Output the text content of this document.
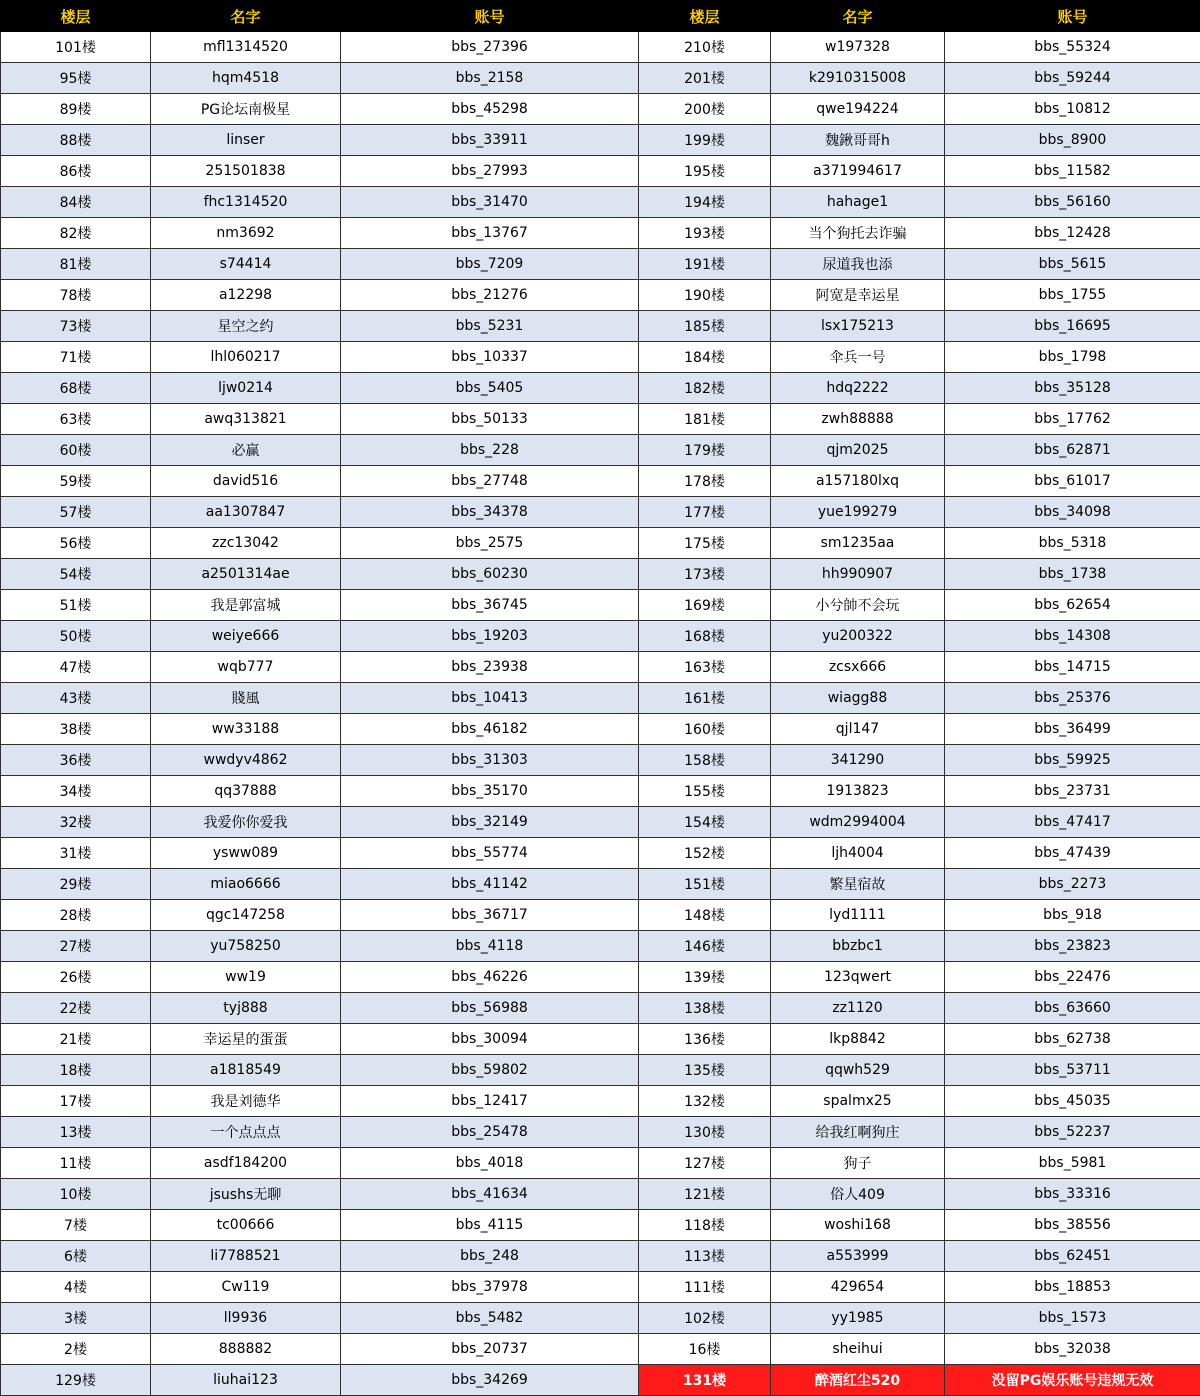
楼层	名字	账号	楼层	名字	账号
101楼	mfl1314520	bbs_27396	210楼	w197328	bbs_55324
95楼	hqm4518	bbs_2158	201楼	k2910315008	bbs_59244
89楼	PG论坛南极星	bbs_45298	200楼	qwe194224	bbs_10812
88楼	linser	bbs_33911	199楼	魏鍬哥哥h	bbs_8900
86楼	251501838	bbs_27993	195楼	a371994617	bbs_11582
84楼	fhc1314520	bbs_31470	194楼	hahage1	bbs_56160
82楼	nm3692	bbs_13767	193楼	当个狗托去诈骗	bbs_12428
81楼	s74414	bbs_7209	191楼	尿道我也添	bbs_5615
78楼	a12298	bbs_21276	190楼	阿宽是幸运星	bbs_1755
73楼	星空之约	bbs_5231	185楼	lsx175213	bbs_16695
71楼	lhl060217	bbs_10337	184楼	伞兵一号	bbs_1798
68楼	ljw0214	bbs_5405	182楼	hdq2222	bbs_35128
63楼	awq313821	bbs_50133	181楼	zwh88888	bbs_17762
60楼	必赢	bbs_228	179楼	qjm2025	bbs_62871
59楼	david516	bbs_27748	178楼	a157180lxq	bbs_61017
57楼	aa1307847	bbs_34378	177楼	yue199279	bbs_34098
56楼	zzc13042	bbs_2575	175楼	sm1235aa	bbs_5318
54楼	a2501314ae	bbs_60230	173楼	hh990907	bbs_1738
51楼	我是郭富城	bbs_36745	169楼	小兮帥不会玩	bbs_62654
50楼	weiye666	bbs_19203	168楼	yu200322	bbs_14308
47楼	wqb777	bbs_23938	163楼	zcsx666	bbs_14715
43楼	賤風	bbs_10413	161楼	wiagg88	bbs_25376
38楼	ww33188	bbs_46182	160楼	qjl147	bbs_36499
36楼	wwdyv4862	bbs_31303	158楼	341290	bbs_59925
34楼	qq37888	bbs_35170	155楼	1913823	bbs_23731
32楼	我爱你你爱我	bbs_32149	154楼	wdm2994004	bbs_47417
31楼	ysww089	bbs_55774	152楼	ljh4004	bbs_47439
29楼	miao6666	bbs_41142	151楼	繁星宿故	bbs_2273
28楼	qgc147258	bbs_36717	148楼	lyd1111	bbs_918
27楼	yu758250	bbs_4118	146楼	bbzbc1	bbs_23823
26楼	ww19	bbs_46226	139楼	123qwert	bbs_22476
22楼	tyj888	bbs_56988	138楼	zz1120	bbs_63660
21楼	幸运星的蛋蛋	bbs_30094	136楼	lkp8842	bbs_62738
18楼	a1818549	bbs_59802	135楼	qqwh529	bbs_53711
17楼	我是刘德华	bbs_12417	132楼	spalmx25	bbs_45035
13楼	一个点点点	bbs_25478	130楼	给我红啊狗庄	bbs_52237
11楼	asdf184200	bbs_4018	127楼	狗子	bbs_5981
10楼	jsushs无聊	bbs_41634	121楼	俗人409	bbs_33316
7楼	tc00666	bbs_4115	118楼	woshi168	bbs_38556
6楼	li7788521	bbs_248	113楼	a553999	bbs_62451
4楼	Cw119	bbs_37978	111楼	429654	bbs_18853
3楼	ll9936	bbs_5482	102楼	yy1985	bbs_1573
2楼	888882	bbs_20737	16楼	sheihui	bbs_32038
129楼	liuhai123	bbs_34269	131楼	醉酒红尘520	没留PG娱乐账号违规无效
